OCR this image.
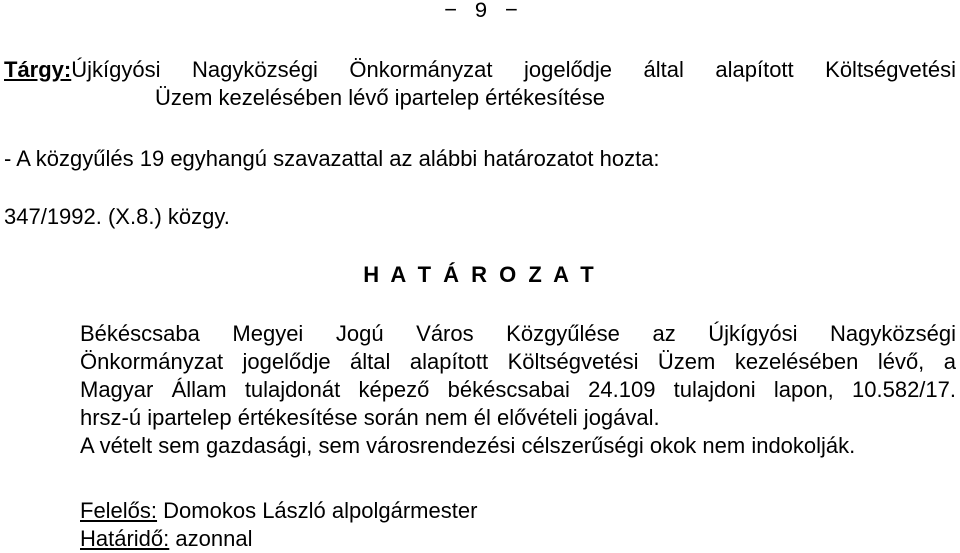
− 9 −
Tárgy:Újkígyósi Nagyközségi Önkormányzat jogelődje által alapított Költségvetési
Üzem kezelésében lévő ipartelep értékesítése
- A közgyűlés 19 egyhangú szavazattal az alábbi határozatot hozta:
347/1992. (X.8.) közgy.
H A T Á R O Z A T
Békéscsaba Megyei Jogú Város Közgyűlése az Újkígyósi Nagyközségi
Önkormányzat jogelődje által alapított Költségvetési Üzem kezelésében lévő, a
Magyar Állam tulajdonát képező békéscsabai 24.109 tulajdoni lapon, 10.582/17.
hrsz-ú ipartelep értékesítése során nem él elővételi jogával.
A vételt sem gazdasági, sem városrendezési célszerűségi okok nem indokolják.
Felelős: Domokos László alpolgármester
Határidő: azonnal
